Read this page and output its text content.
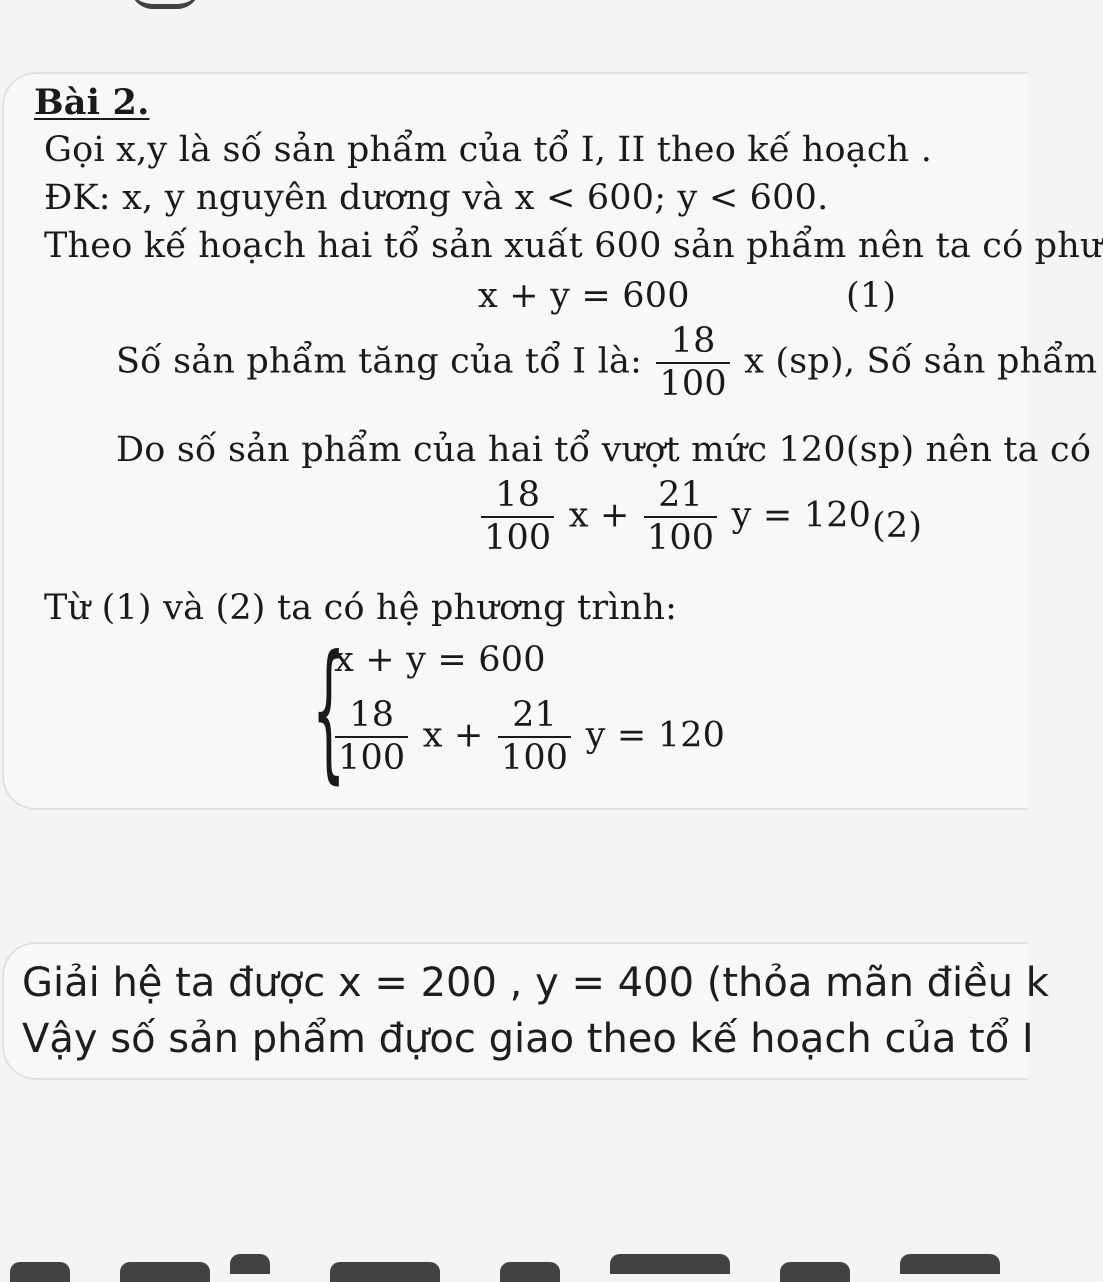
Bài 2.
Gọi x,y là số sản phẩm của tổ I, II theo kế hoạch .
ĐK: x, y nguyên dương và x < 600; y < 600.
Theo kế hoạch hai tổ sản xuất 600 sản phẩm nên ta có phư
x + y = 600	(1)
Số sản phẩm tăng của tổ I là: $\frac{18}{100}$ x (sp), Số sản phẩm
Do số sản phẩm của hai tổ vượt mức 120(sp) nên ta có
$\frac{18}{100}$ $x + \frac{21}{100}$ y = 120 (2)
Từ (1) và (2) ta có hệ phương trình:
{
x + y = 600
$\frac{18}{100}$ $x + \frac{21}{100}$ y = 120
Giải hệ ta được x = 200 , y = 400 (thỏa mãn điều k
Vậy số sản phẩm đựoc giao theo kế hoạch của tổ I
